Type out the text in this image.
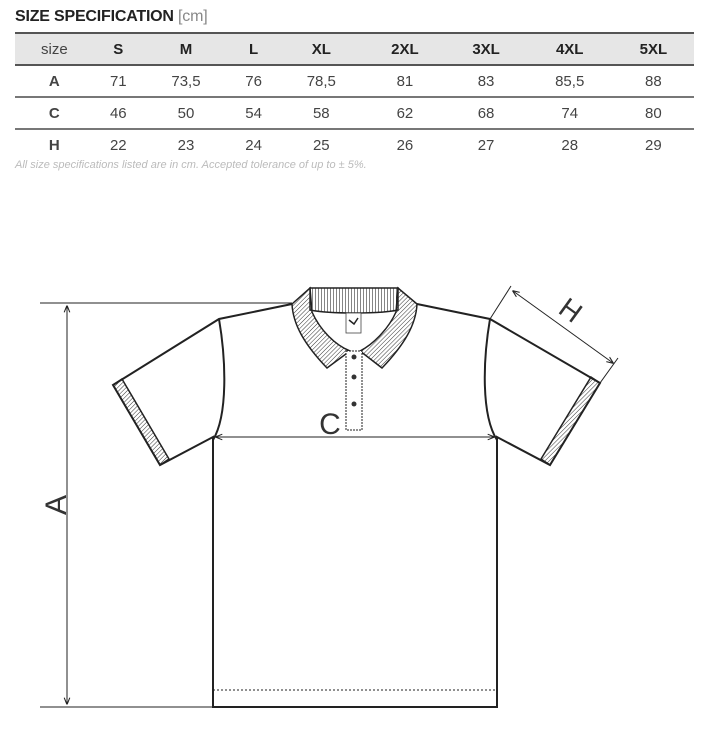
SIZE SPECIFICATION [cm]
size	S	M	L	XL	2XL	3XL	4XL	5XL
A	71	73,5	76	78,5	81	83	85,5	88
C	46	50	54	58	62	68	74	80
H	22	23	24	25	26	27	28	29
All size specifications listed are in cm. Accepted tolerance of up to ± 5%.
A
C
H
